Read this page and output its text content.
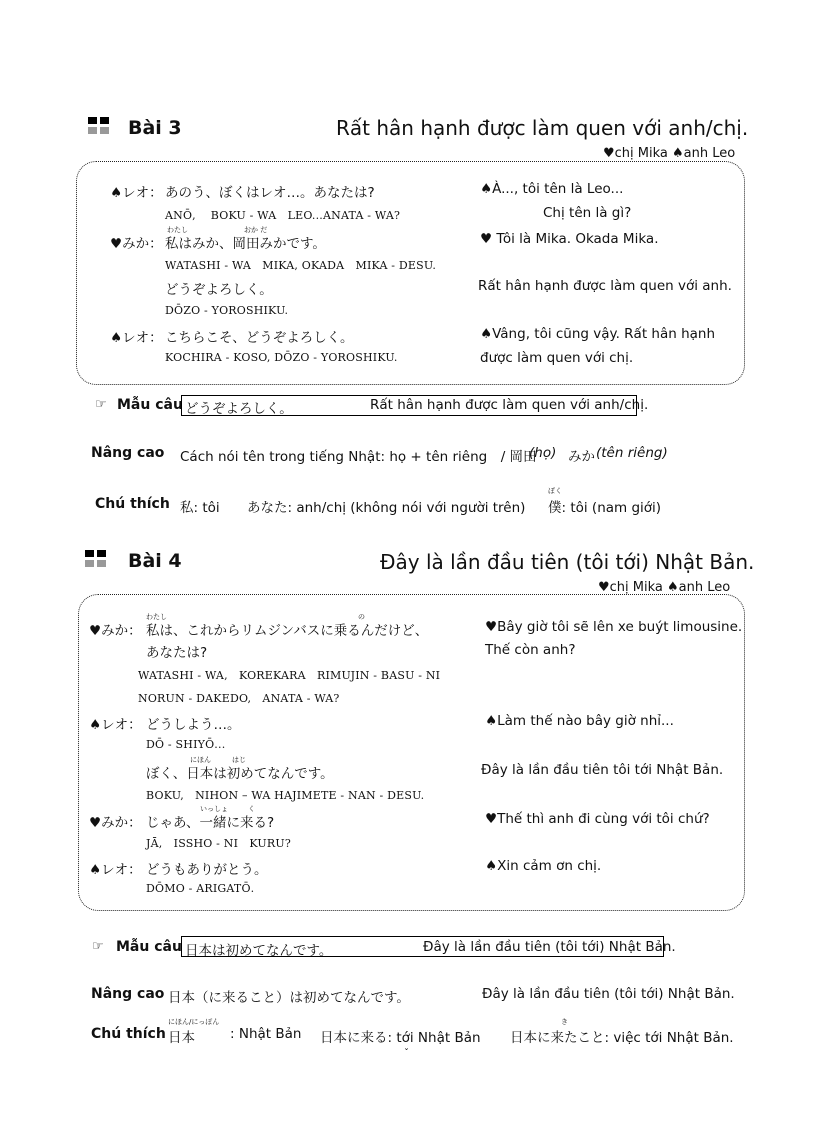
Bài 3	Rất hân hạnh được làm quen với anh/chị.
♥chị Mika ♠anh Leo
♠レオ： あのう、ぼくはレオ…。あなたは?
ANŌ,　 BOKU - WA　LEO...ANATA - WA?
♠À..., tôi tên là Leo...
Chị tên là gì?
わたし	おか だ
♥みか： 私はみか、岡田みかです。
WATASHI - WA　MIKA, OKADA　MIKA - DESU.
♥ Tôi là Mika. Okada Mika.
どうぞよろしく。
DŌZO - YOROSHIKU.
Rất hân hạnh được làm quen với anh.
♠レオ： こちらこそ、どうぞよろしく。
KOCHIRA - KOSO, DŌZO - YOROSHIKU.
♠Vâng, tôi cũng vậy. Rất hân hạnh
được làm quen với chị.
☞ Mẫu câu どうぞよろしく。	Rất hân hạnh được làm quen với anh/chị.
Nâng cao Cách nói tên trong tiếng Nhật: họ + tên riêng　/ 岡田
(họ) みか (tên riêng)
Chú thích 私: tôi あなた: anh/chị (không nói với người trên)
ぼく
僕: tôi (nam giới)
Bài 4	Đây là lần đầu tiên (tôi tới) Nhật Bản.
♥chị Mika ♠anh Leo
わたし	の
♥みか： 私は、これからリムジンバスに乗るんだけど、
あなたは?
WATASHI - WA,　KOREKARA　RIMUJIN - BASU - NI
NORUN - DAKEDO,　ANATA - WA?
♥Bây giờ tôi sẽ lên xe buýt limousine.
Thế còn anh?
♠レオ： どうしよう…。
DŌ - SHIYŌ...
♠Làm thế nào bây giờ nhỉ...
にほん	はじ
ぼく、日本は初めてなんです。
BOKU,　NIHON – WA HAJIMETE - NAN - DESU.
Đây là lần đầu tiên tôi tới Nhật Bản.
いっしょ	く
♥みか： じゃあ、一緒に来る?
JĀ,　ISSHO - NI　KURU?
♥Thế thì anh đi cùng với tôi chứ?
♠レオ： どうもありがとう。
DŌMO - ARIGATŌ.
♠Xin cảm ơn chị.
☞ Mẫu câu 日本は初めてなんです。	Đây là lần đầu tiên (tôi tới) Nhật Bản.
Nâng cao 日本（に来ること）は初めてなんです。	Đây là lần đầu tiên (tôi tới) Nhật Bản.
Chú thích
にほん/にっぽん
日本	: Nhật Bản 日本に来る: tới Nhật Bản
き
日本に来たこと: việc tới Nhật Bản.
ˇ
